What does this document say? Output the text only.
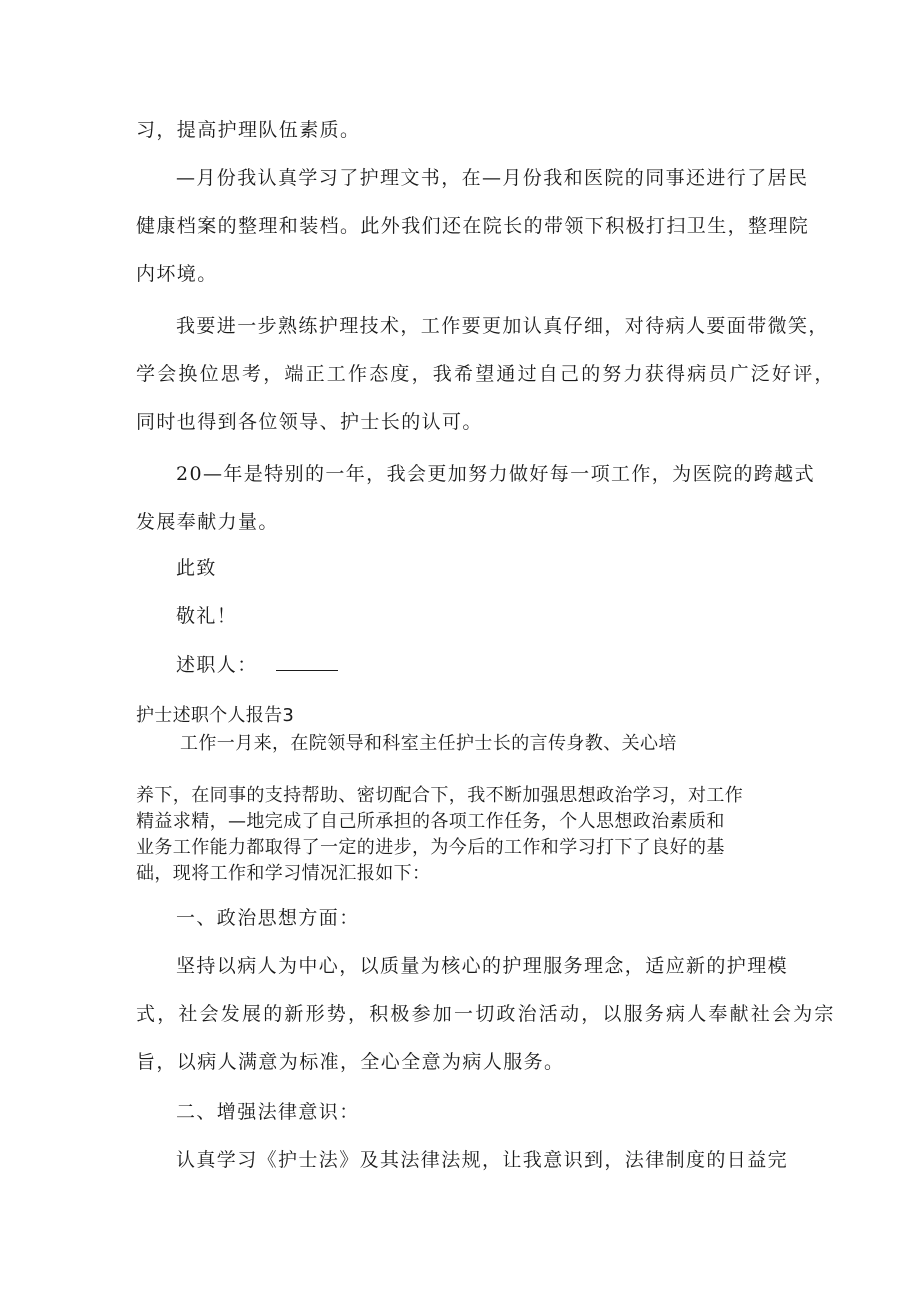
习，提高护理队伍素质。
—月份我认真学习了护理文书，在—月份我和医院的同事还进行了居民
健康档案的整理和装档。此外我们还在院长的带领下积极打扫卫生，整理院
内坏境。
我要进一步熟练护理技术，工作要更加认真仔细，对待病人要面带微笑，
学会换位思考，端正工作态度，我希望通过自己的努力获得病员广泛好评，
同时也得到各位领导、护士长的认可。
20—年是特别的一年，我会更加努力做好每一项工作，为医院的跨越式
发展奉献力量。
此致
敬礼！
述职人：
护士述职个人报告3
工作一月来，在院领导和科室主任护士长的言传身教、关心培
养下，在同事的支持帮助、密切配合下，我不断加强思想政治学习，对工作
精益求精，—地完成了自己所承担的各项工作任务，个人思想政治素质和
业务工作能力都取得了一定的进步，为今后的工作和学习打下了良好的基
础，现将工作和学习情况汇报如下：
一、政治思想方面：
坚持以病人为中心，以质量为核心的护理服务理念，适应新的护理模
式，社会发展的新形势，积极参加一切政治活动，以服务病人奉献社会为宗
旨，以病人满意为标准，全心全意为病人服务。
二、增强法律意识：
认真学习《护士法》及其法律法规，让我意识到，法律制度的日益完
